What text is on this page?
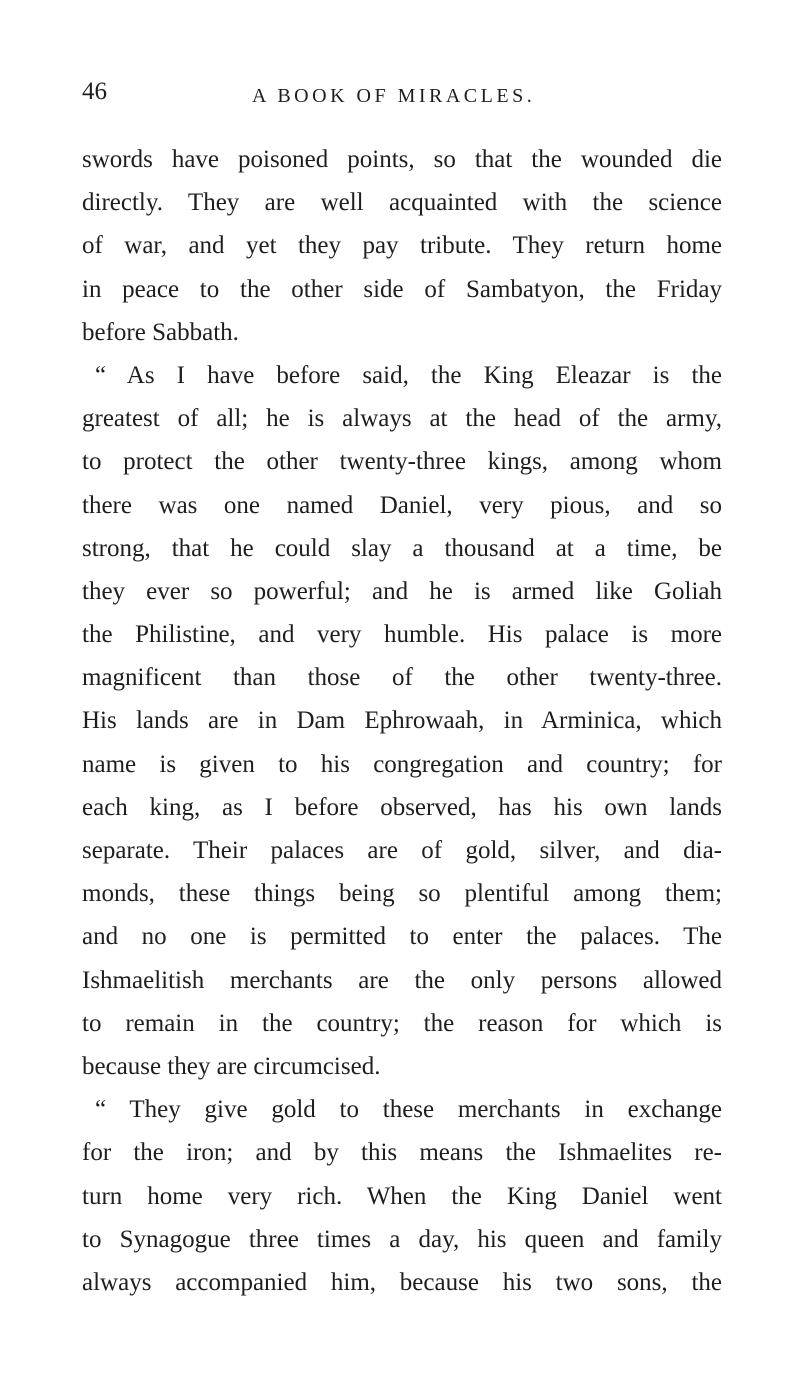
46	A BOOK OF MIRACLES.
swords have poisoned points, so that the wounded die
directly. They are well acquainted with the science
of war, and yet they pay tribute. They return home
in peace to the other side of Sambatyon, the Friday
before Sabbath.
“ As I have before said, the King Eleazar is the
greatest of all; he is always at the head of the army,
to protect the other twenty-three kings, among whom
there was one named Daniel, very pious, and so
strong, that he could slay a thousand at a time, be
they ever so powerful; and he is armed like Goliah
the Philistine, and very humble. His palace is more
magnificent than those of the other twenty-three.
His lands are in Dam Ephrowaah, in Arminica, which
name is given to his congregation and country; for
each king, as I before observed, has his own lands
separate. Their palaces are of gold, silver, and dia-
monds, these things being so plentiful among them;
and no one is permitted to enter the palaces. The
Ishmaelitish merchants are the only persons allowed
to remain in the country; the reason for which is
because they are circumcised.
“ They give gold to these merchants in exchange
for the iron; and by this means the Ishmaelites re-
turn home very rich. When the King Daniel went
to Synagogue three times a day, his queen and family
always accompanied him, because his two sons, the
